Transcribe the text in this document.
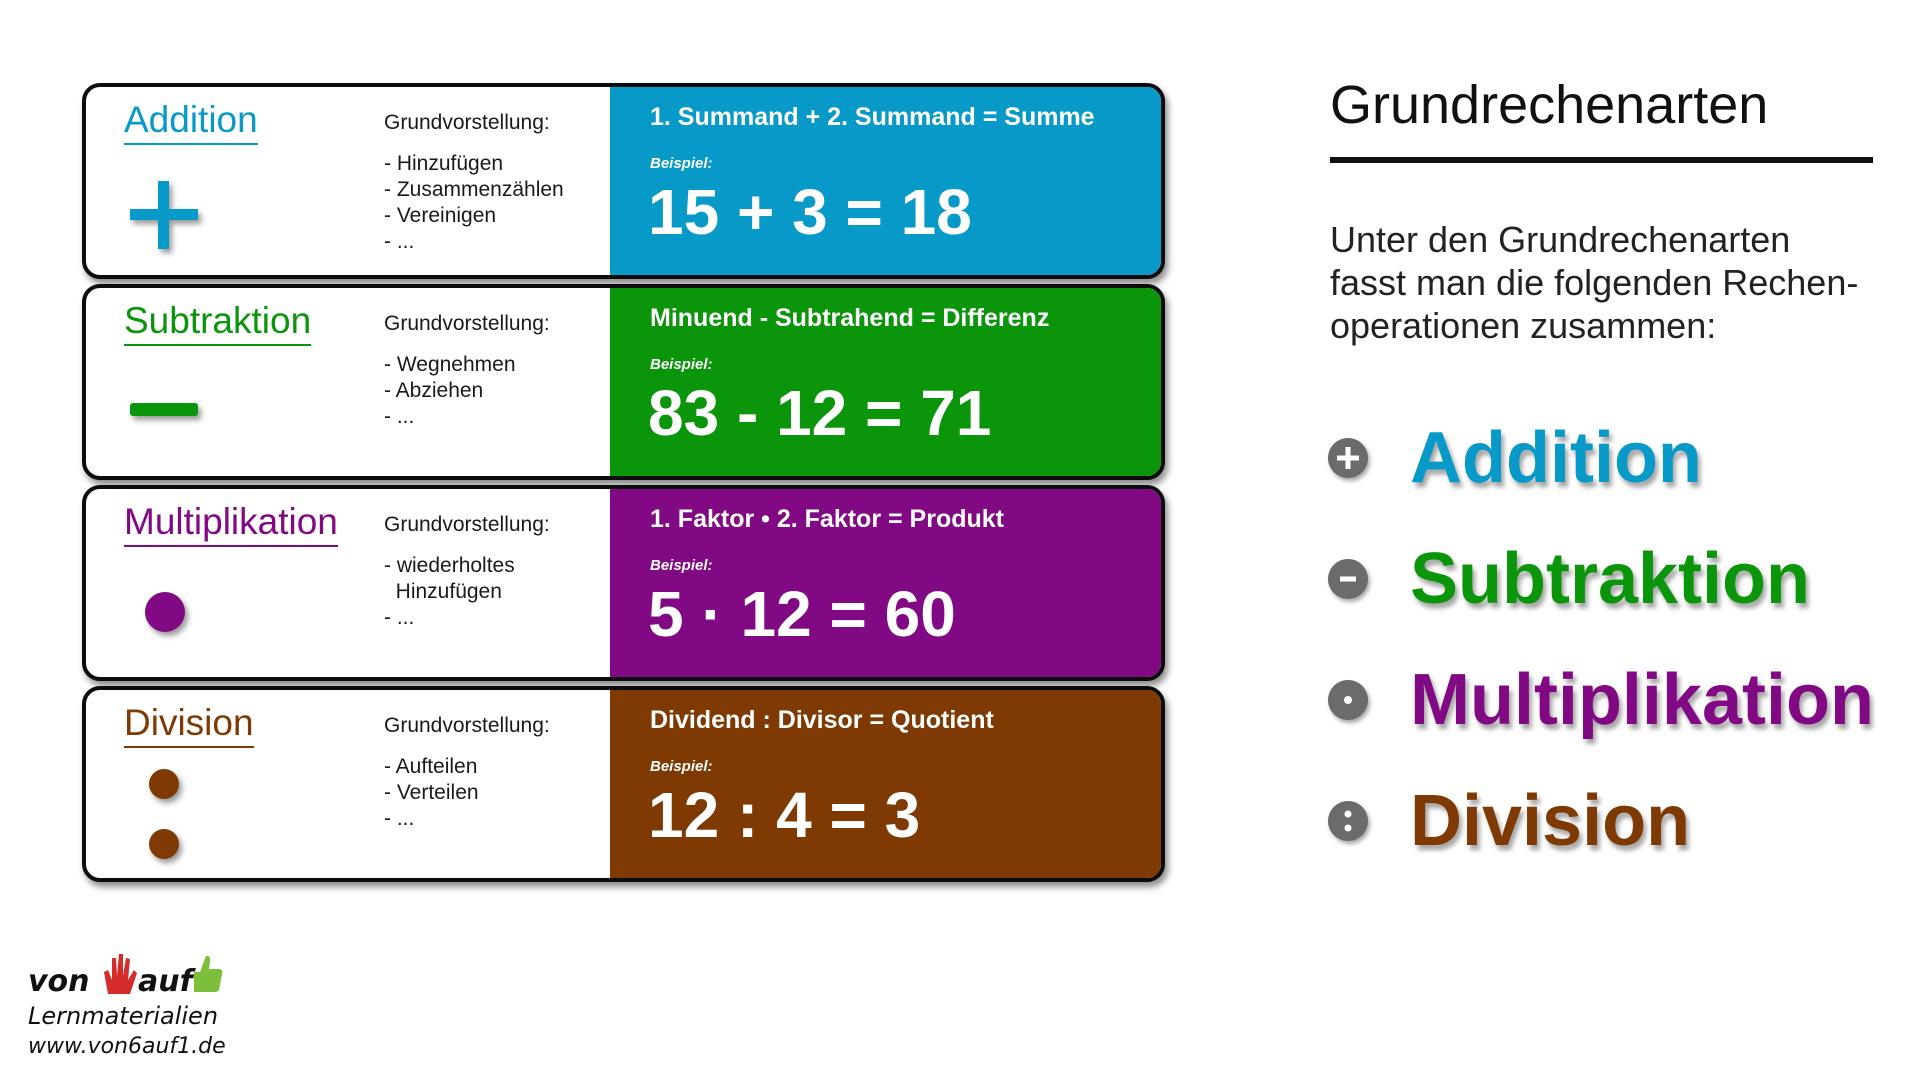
Addition	Grundvorstellung:
- Hinzufügen
- Zusammenzählen
- Vereinigen
- ...
1. Summand + 2. Summand = Summe
Beispiel:
15 + 3 = 18
Subtraktion	Grundvorstellung:
- Wegnehmen
- Abziehen
- ...
Minuend - Subtrahend = Differenz
Beispiel:
83 - 12 = 71
Multiplikation Grundvorstellung:
- wiederholtes
Hinzufügen
- ...
1. Faktor • 2. Faktor = Produkt
Beispiel:
5 · 12 = 60
Division	Grundvorstellung:
- Aufteilen
- Verteilen
- ...
Dividend : Divisor = Quotient
Beispiel:
12 : 4 = 3
Grundrechenarten
Unter den Grundrechenarten
fasst man die folgenden Rechen-
operationen zusammen:
Addition
Subtraktion
Multiplikation
Division
von auf
Lernmaterialien
www.von6auf1.de
